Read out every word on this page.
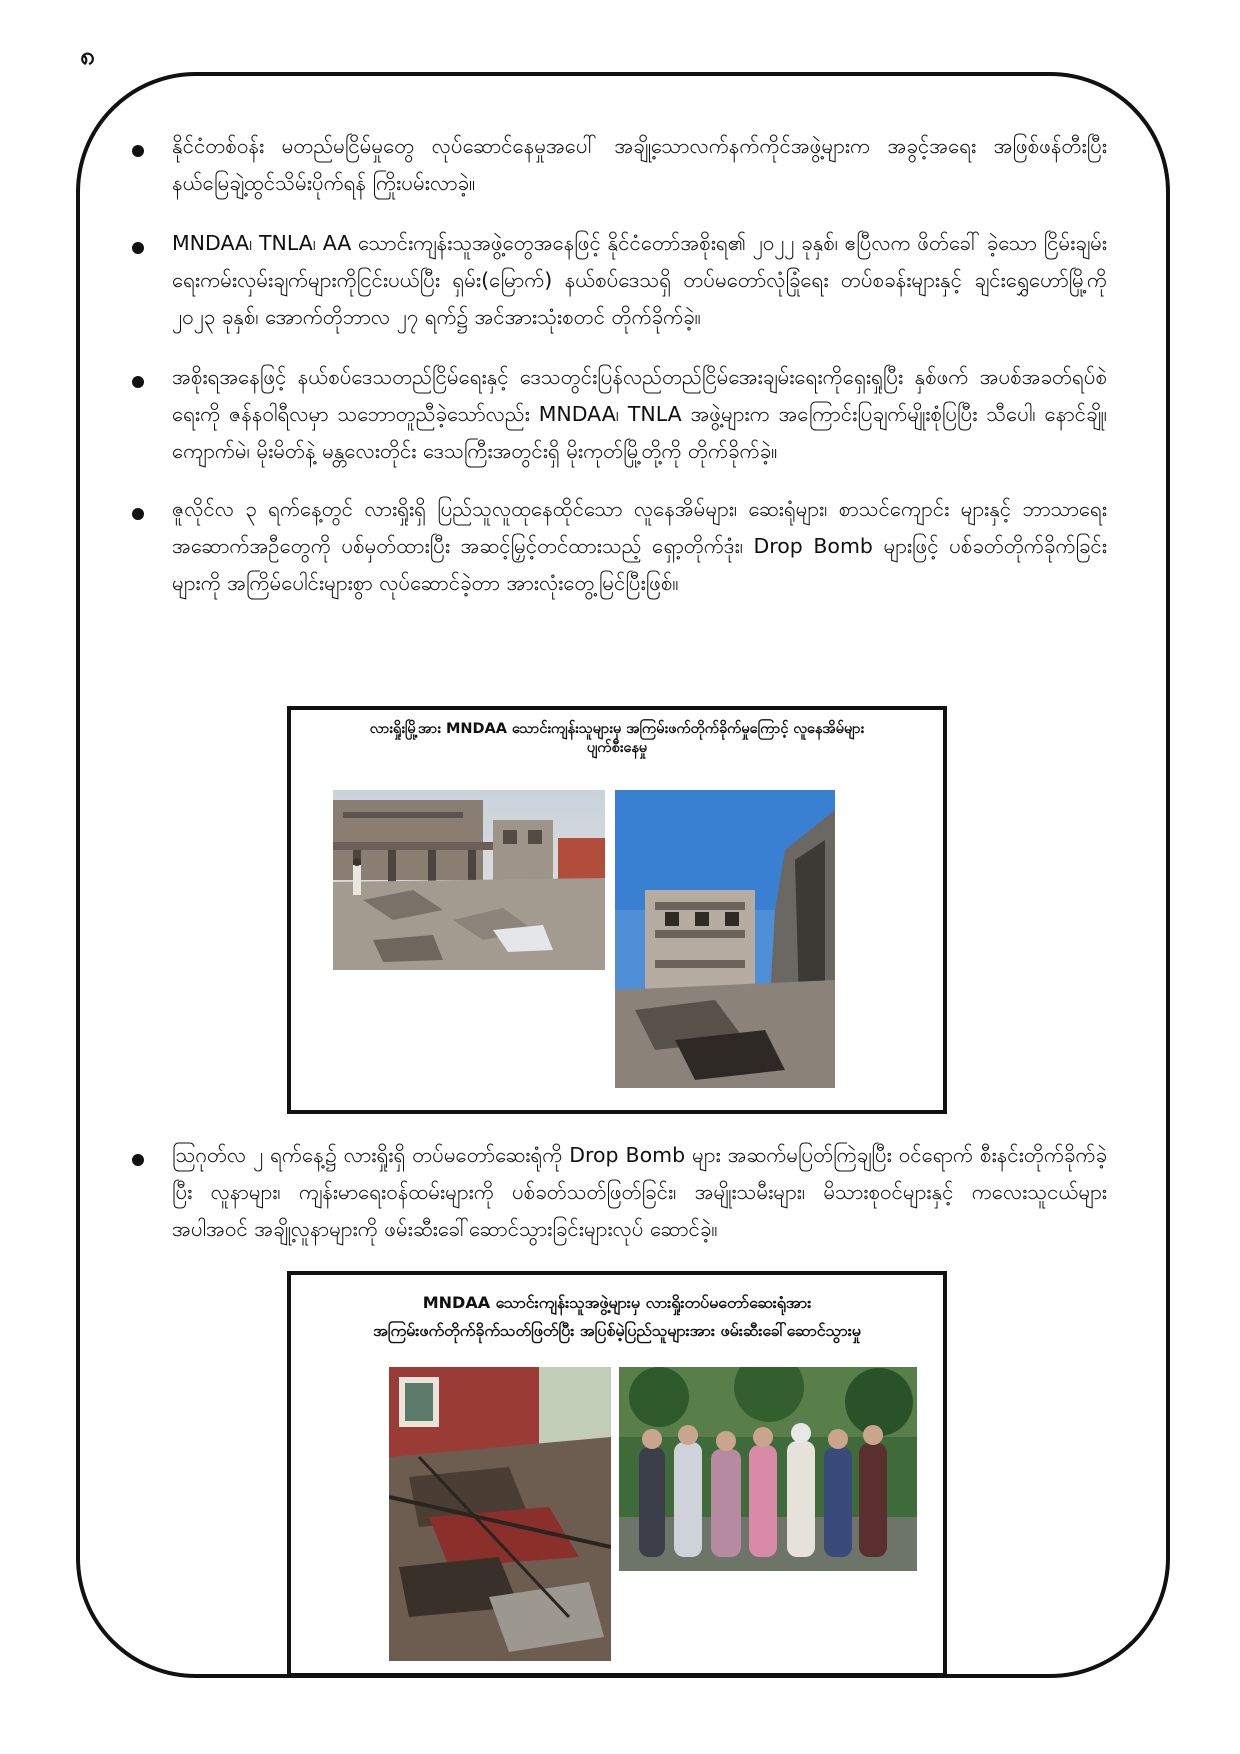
၈

နိုင်ငံတစ်ဝန်း မတည်မငြိမ်မှုတွေ လုပ်ဆောင်နေမှုအပေါ် အချို့သောလက်နက်ကိုင်အဖွဲ့များက အခွင့်အရေး အဖြစ်ဖန်တီးပြီး နယ်မြေချဲ့ထွင်သိမ်းပိုက်ရန် ကြိုးပမ်းလာခဲ့။

MNDAA၊ TNLA၊ AA သောင်းကျန်းသူအဖွဲ့တွေအနေဖြင့် နိုင်ငံတော်အစိုးရ၏ ၂၀၂၂ ခုနှစ်၊ ဧပြီလက ဖိတ်ခေါ် ခဲ့သော ငြိမ်းချမ်းရေးကမ်းလှမ်းချက်များကိုငြင်းပယ်ပြီး ရှမ်း(မြောက်) နယ်စပ်ဒေသရှိ တပ်မတော်လုံခြုံရေး တပ်စခန်းများနှင့် ချင်းရွှေဟော်မြို့ကို ၂၀၂၃ ခုနှစ်၊ အောက်တိုဘာလ ၂၇ ရက်၌ အင်အားသုံးစတင် တိုက်ခိုက်ခဲ့။

အစိုးရအနေဖြင့် နယ်စပ်ဒေသတည်ငြိမ်ရေးနှင့် ဒေသတွင်းပြန်လည်တည်ငြိမ်အေးချမ်းရေးကိုရှေးရှုပြီး နှစ်ဖက် အပစ်အခတ်ရပ်စဲရေးကို ဇန်နဝါရီလမှာ သဘောတူညီခဲ့သော်လည်း MNDAA၊ TNLA အဖွဲ့များက အကြောင်းပြချက်မျိုးစုံပြပြီး သီပေါ၊ နောင်ချို၊ ကျောက်မဲ၊ မိုးမိတ်နဲ့ မန္တလေးတိုင်း ဒေသကြီးအတွင်းရှိ မိုးကုတ်မြို့တို့ကို တိုက်ခိုက်ခဲ့။

ဇူလိုင်လ ၃ ရက်နေ့တွင် လားရှိုးရှိ ပြည်သူလူထုနေထိုင်သော လူနေအိမ်များ၊ ဆေးရုံများ၊ စာသင်ကျောင်း များနှင့် ဘာသာရေးအဆောက်အဦတွေကို ပစ်မှတ်ထားပြီး အဆင့်မြှင့်တင်ထားသည့် ရှော့တိုက်ဒုံး၊ Drop Bomb များဖြင့် ပစ်ခတ်တိုက်ခိုက်ခြင်းများကို အကြိမ်ပေါင်းများစွာ လုပ်ဆောင်ခဲ့တာ အားလုံးတွေ့မြင်ပြီးဖြစ်။

လားရှိုးမြို့အား MNDAA သောင်းကျန်းသူများမှ အကြမ်းဖက်တိုက်ခိုက်မှုကြောင့် လူနေအိမ်များ
ပျက်စီးနေမှု

ဩဂုတ်လ ၂ ရက်နေ့၌ လားရှိုးရှိ တပ်မတော်ဆေးရုံကို Drop Bomb များ အဆက်မပြတ်ကြဲချပြီး ဝင်ရောက် စီးနင်းတိုက်ခိုက်ခဲ့ပြီး လူနာများ၊ ကျန်းမာရေးဝန်ထမ်းများကို ပစ်ခတ်သတ်ဖြတ်ခြင်း၊ အမျိုးသမီးများ၊ မိသားစုဝင်များနှင့် ကလေးသူငယ်များအပါအဝင် အချို့လူနာများကို ဖမ်းဆီးခေါ်ဆောင်သွားခြင်းများလုပ် ဆောင်ခဲ့။

MNDAA သောင်းကျန်းသူအဖွဲ့များမှ လားရှိုးတပ်မတော်ဆေးရုံအား
အကြမ်းဖက်တိုက်ခိုက်သတ်ဖြတ်ပြီး အပြစ်မဲ့ပြည်သူများအား ဖမ်းဆီးခေါ်ဆောင်သွားမှု
